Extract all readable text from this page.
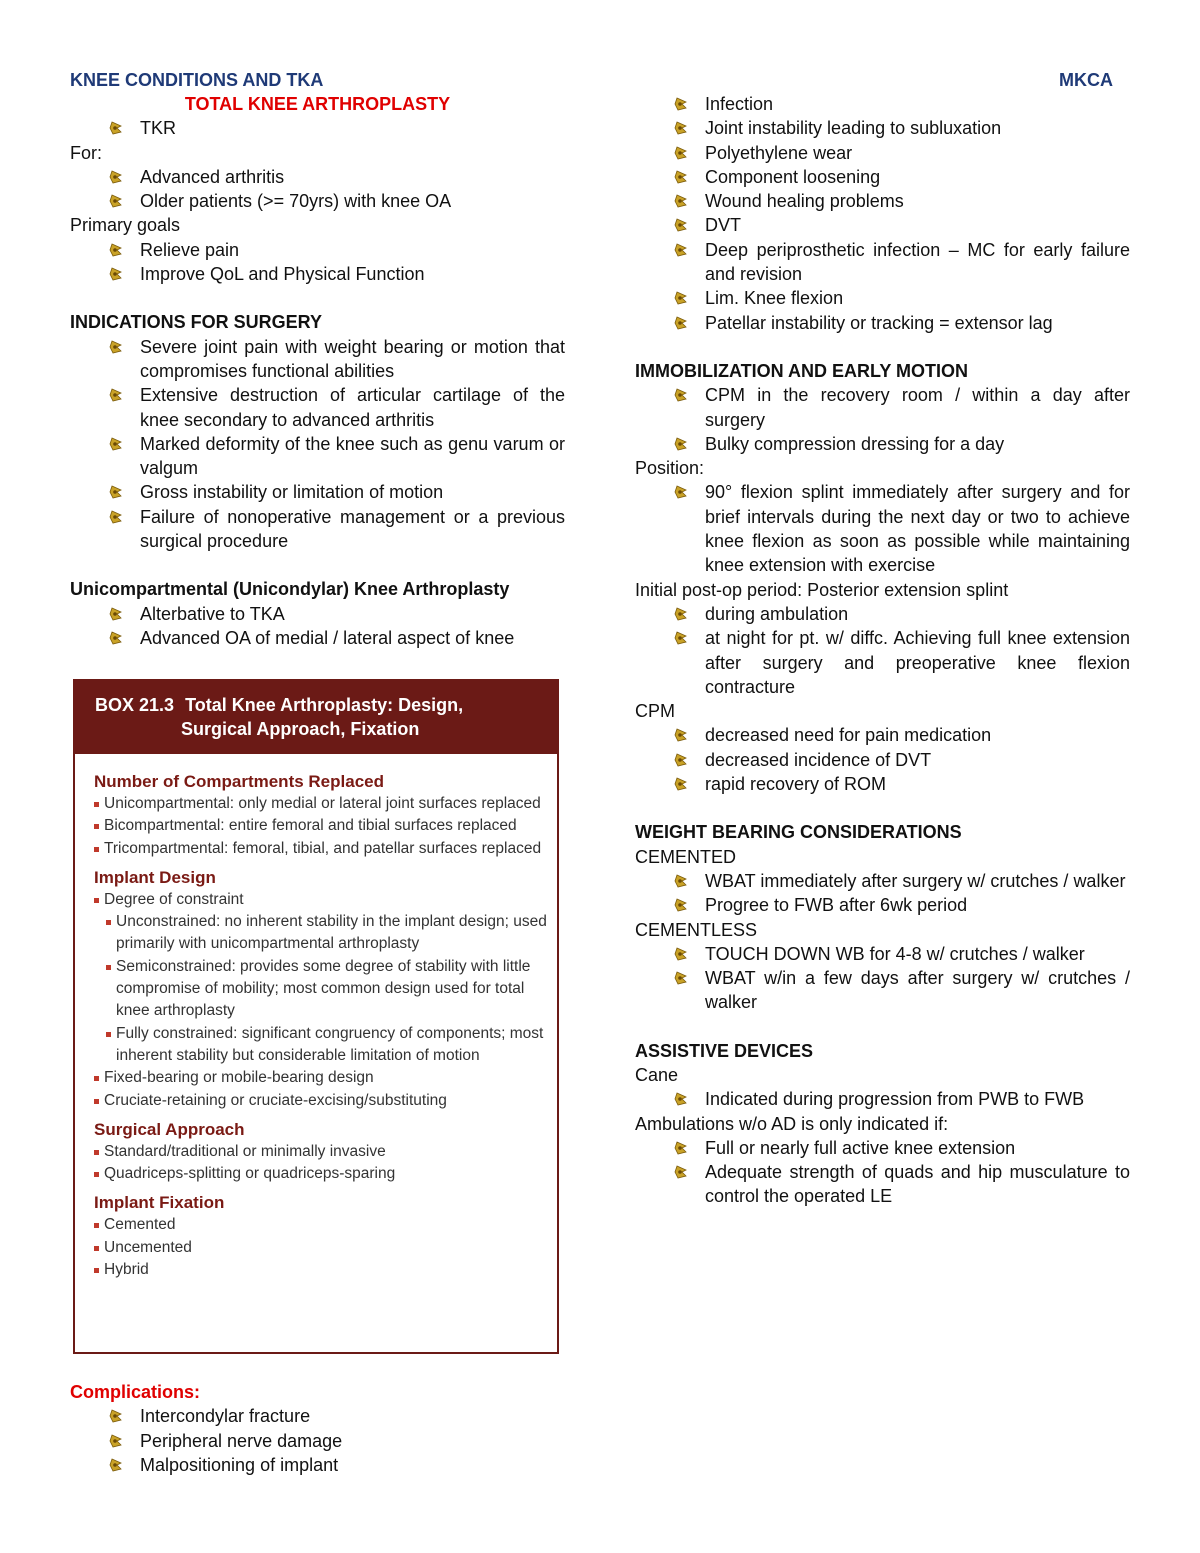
KNEE CONDITIONS AND TKA	MKCA
TOTAL KNEE ARTHROPLASTY
TKR
For:
Advanced arthritis
Older patients (>= 70yrs) with knee OA
Primary goals
Relieve pain
Improve QoL and Physical Function
INDICATIONS FOR SURGERY
Severe joint pain with weight bearing or motion that compromises functional abilities
Extensive destruction of articular cartilage of the knee secondary to advanced arthritis
Marked deformity of the knee such as genu varum or valgum
Gross instability or limitation of motion
Failure of nonoperative management or a previous surgical procedure
Unicompartmental (Unicondylar) Knee Arthroplasty
Alterbative to TKA
Advanced OA of medial / lateral aspect of knee
BOX 21.3 Total Knee Arthroplasty: Design,
Surgical Approach, Fixation
Number of Compartments Replaced
Unicompartmental: only medial or lateral joint surfaces replaced
Bicompartmental: entire femoral and tibial surfaces replaced
Tricompartmental: femoral, tibial, and patellar surfaces replaced
Implant Design
Degree of constraint
Unconstrained: no inherent stability in the implant design; used primarily with unicompartmental arthroplasty
Semiconstrained: provides some degree of stability with little compromise of mobility; most common design used for total knee arthroplasty
Fully constrained: significant congruency of components; most inherent stability but considerable limitation of motion
Fixed-bearing or mobile-bearing design
Cruciate-retaining or cruciate-excising/substituting
Surgical Approach
Standard/traditional or minimally invasive
Quadriceps-splitting or quadriceps-sparing
Implant Fixation
Cemented
Uncemented
Hybrid
Complications:
Intercondylar fracture
Peripheral nerve damage
Malpositioning of implant
Infection
Joint instability leading to subluxation
Polyethylene wear
Component loosening
Wound healing problems
DVT
Deep periprosthetic infection – MC for early failure and revision
Lim. Knee flexion
Patellar instability or tracking = extensor lag
IMMOBILIZATION AND EARLY MOTION
CPM in the recovery room / within a day after surgery
Bulky compression dressing for a day
Position:
90° flexion splint immediately after surgery and for brief intervals during the next day or two to achieve knee flexion as soon as possible while maintaining knee extension with exercise
Initial post-op period: Posterior extension splint
during ambulation
at night for pt. w/ diffc. Achieving full knee extension after surgery and preoperative knee flexion contracture
CPM
decreased need for pain medication
decreased incidence of DVT
rapid recovery of ROM
WEIGHT BEARING CONSIDERATIONS
CEMENTED
WBAT immediately after surgery w/ crutches / walker
Progree to FWB after 6wk period
CEMENTLESS
TOUCH DOWN WB for 4-8 w/ crutches / walker
WBAT w/in a few days after surgery w/ crutches / walker
ASSISTIVE DEVICES
Cane
Indicated during progression from PWB to FWB
Ambulations w/o AD is only indicated if:
Full or nearly full active knee extension
Adequate strength of quads and hip musculature to control the operated LE
